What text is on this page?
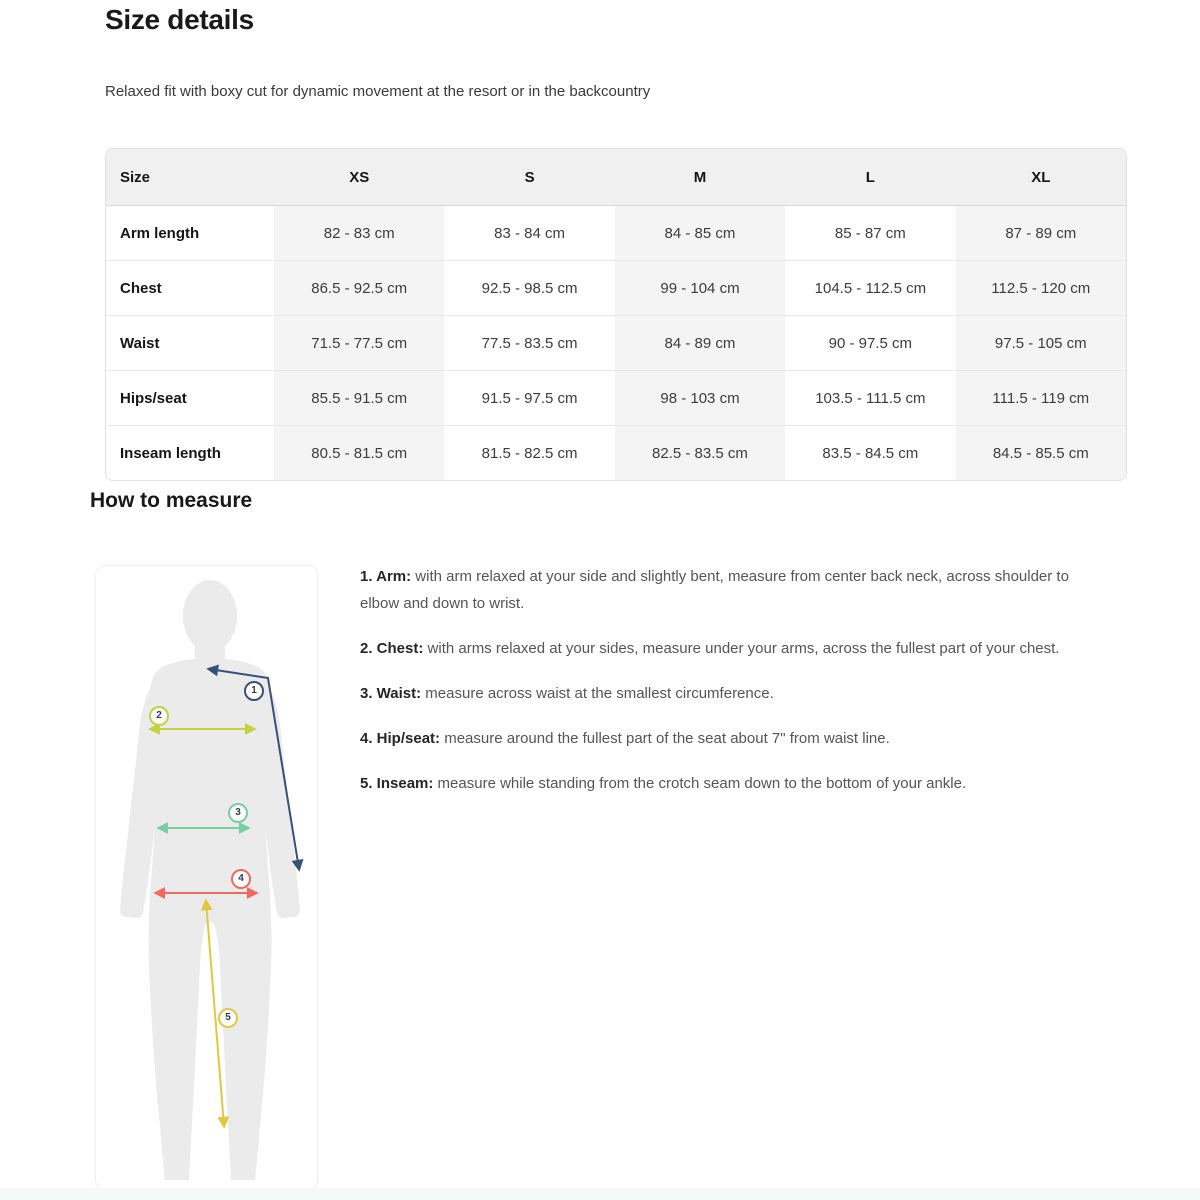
Size details
Relaxed fit with boxy cut for dynamic movement at the resort or in the backcountry
Size	XS	S	M	L	XL
Arm length	82 - 83 cm	83 - 84 cm	84 - 85 cm	85 - 87 cm	87 - 89 cm
Chest	86.5 - 92.5 cm	92.5 - 98.5 cm	99 - 104 cm	104.5 - 112.5 cm	112.5 - 120 cm
Waist	71.5 - 77.5 cm	77.5 - 83.5 cm	84 - 89 cm	90 - 97.5 cm	97.5 - 105 cm
Hips/seat	85.5 - 91.5 cm	91.5 - 97.5 cm	98 - 103 cm	103.5 - 111.5 cm	111.5 - 119 cm
Inseam length	80.5 - 81.5 cm	81.5 - 82.5 cm	82.5 - 83.5 cm	83.5 - 84.5 cm	84.5 - 85.5 cm
How to measure
1
2
3
4
5

1. Arm: with arm relaxed at your side and slightly bent, measure from center back neck, across shoulder to elbow and down to wrist.

2. Chest: with arms relaxed at your sides, measure under your arms, across the fullest part of your chest.

3. Waist: measure across waist at the smallest circumference.

4. Hip/seat: measure around the fullest part of the seat about 7" from waist line.

5. Inseam: measure while standing from the crotch seam down to the bottom of your ankle.
